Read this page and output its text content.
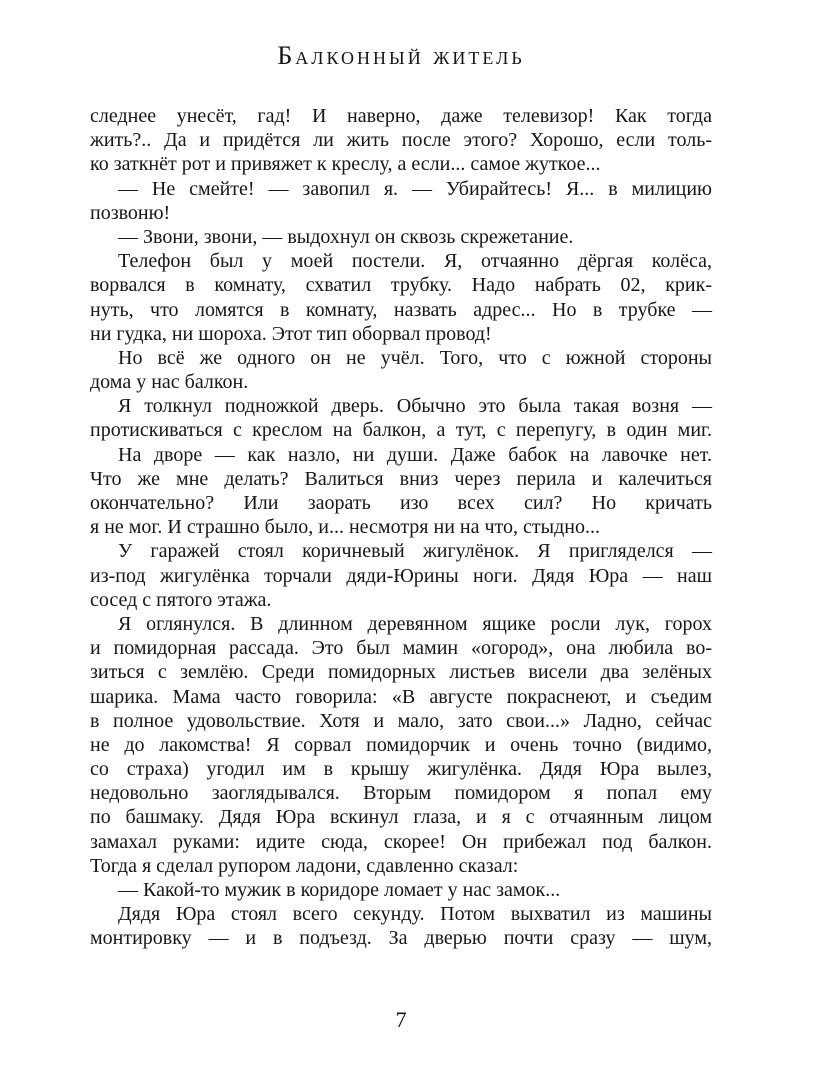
Балконный житель
следнее унесёт, гад! И наверно, даже телевизор! Как тогда
жить?.. Да и придётся ли жить после этого? Хорошо, если толь-
ко заткнёт рот и привяжет к креслу, а если... самое жуткое...
— Не смейте! — завопил я. — Убирайтесь! Я... в милицию
позвоню!
— Звони, звони, — выдохнул он сквозь скрежетание.
Телефон был у моей постели. Я, отчаянно дёргая колёса,
ворвался в комнату, схватил трубку. Надо набрать 02, крик-
нуть, что ломятся в комнату, назвать адрес... Но в трубке —
ни гудка, ни шороха. Этот тип оборвал провод!
Но всё же одного он не учёл. Того, что с южной стороны
дома у нас балкон.
Я толкнул подножкой дверь. Обычно это была такая возня —
протискиваться с креслом на балкон, а тут, с перепугу, в один миг.
На дворе — как назло, ни души. Даже бабок на лавочке нет.
Что же мне делать? Валиться вниз через перила и калечиться
окончательно? Или заорать изо всех сил? Но кричать
я не мог. И страшно было, и... несмотря ни на что, стыдно...
У гаражей стоял коричневый жигулёнок. Я пригляделся —
из-под жигулёнка торчали дяди-Юрины ноги. Дядя Юра — наш
сосед с пятого этажа.
Я оглянулся. В длинном деревянном ящике росли лук, горох
и помидорная рассада. Это был мамин «огород», она любила во-
зиться с землёю. Среди помидорных листьев висели два зелёных
шарика. Мама часто говорила: «В августе покраснеют, и съедим
в полное удовольствие. Хотя и мало, зато свои...» Ладно, сейчас
не до лакомства! Я сорвал помидорчик и очень точно (видимо,
со страха) угодил им в крышу жигулёнка. Дядя Юра вылез,
недовольно заоглядывался. Вторым помидором я попал ему
по башмаку. Дядя Юра вскинул глаза, и я с отчаянным лицом
замахал руками: идите сюда, скорее! Он прибежал под балкон.
Тогда я сделал рупором ладони, сдавленно сказал:
— Какой-то мужик в коридоре ломает у нас замок...
Дядя Юра стоял всего секунду. Потом выхватил из машины
монтировку — и в подъезд. За дверью почти сразу — шум,
7
